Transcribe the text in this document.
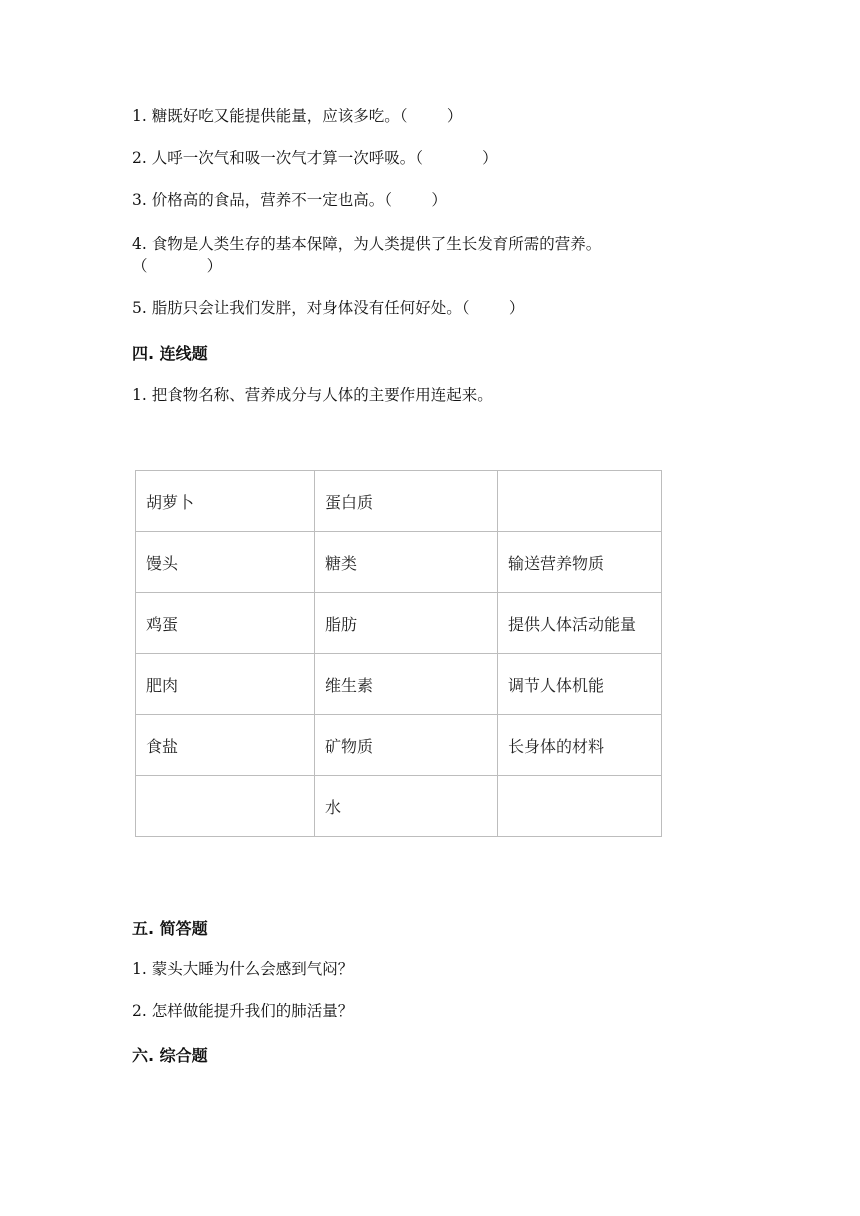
1. 糖既好吃又能提供能量，应该多吃。（        ）
2. 人呼一次气和吸一次气才算一次呼吸。（            ）
3. 价格高的食品，营养不一定也高。（        ）
4. 食物是人类生存的基本保障，为人类提供了生长发育所需的营养。
（            ）
5. 脂肪只会让我们发胖，对身体没有任何好处。（        ）
四. 连线题
1. 把食物名称、营养成分与人体的主要作用连起来。
胡萝卜	蛋白质	
馒头	糖类	输送营养物质
鸡蛋	脂肪	提供人体活动能量
肥肉	维生素	调节人体机能
食盐	矿物质	长身体的材料
	水	
五. 简答题
1. 蒙头大睡为什么会感到气闷？
2. 怎样做能提升我们的肺活量？
六. 综合题
